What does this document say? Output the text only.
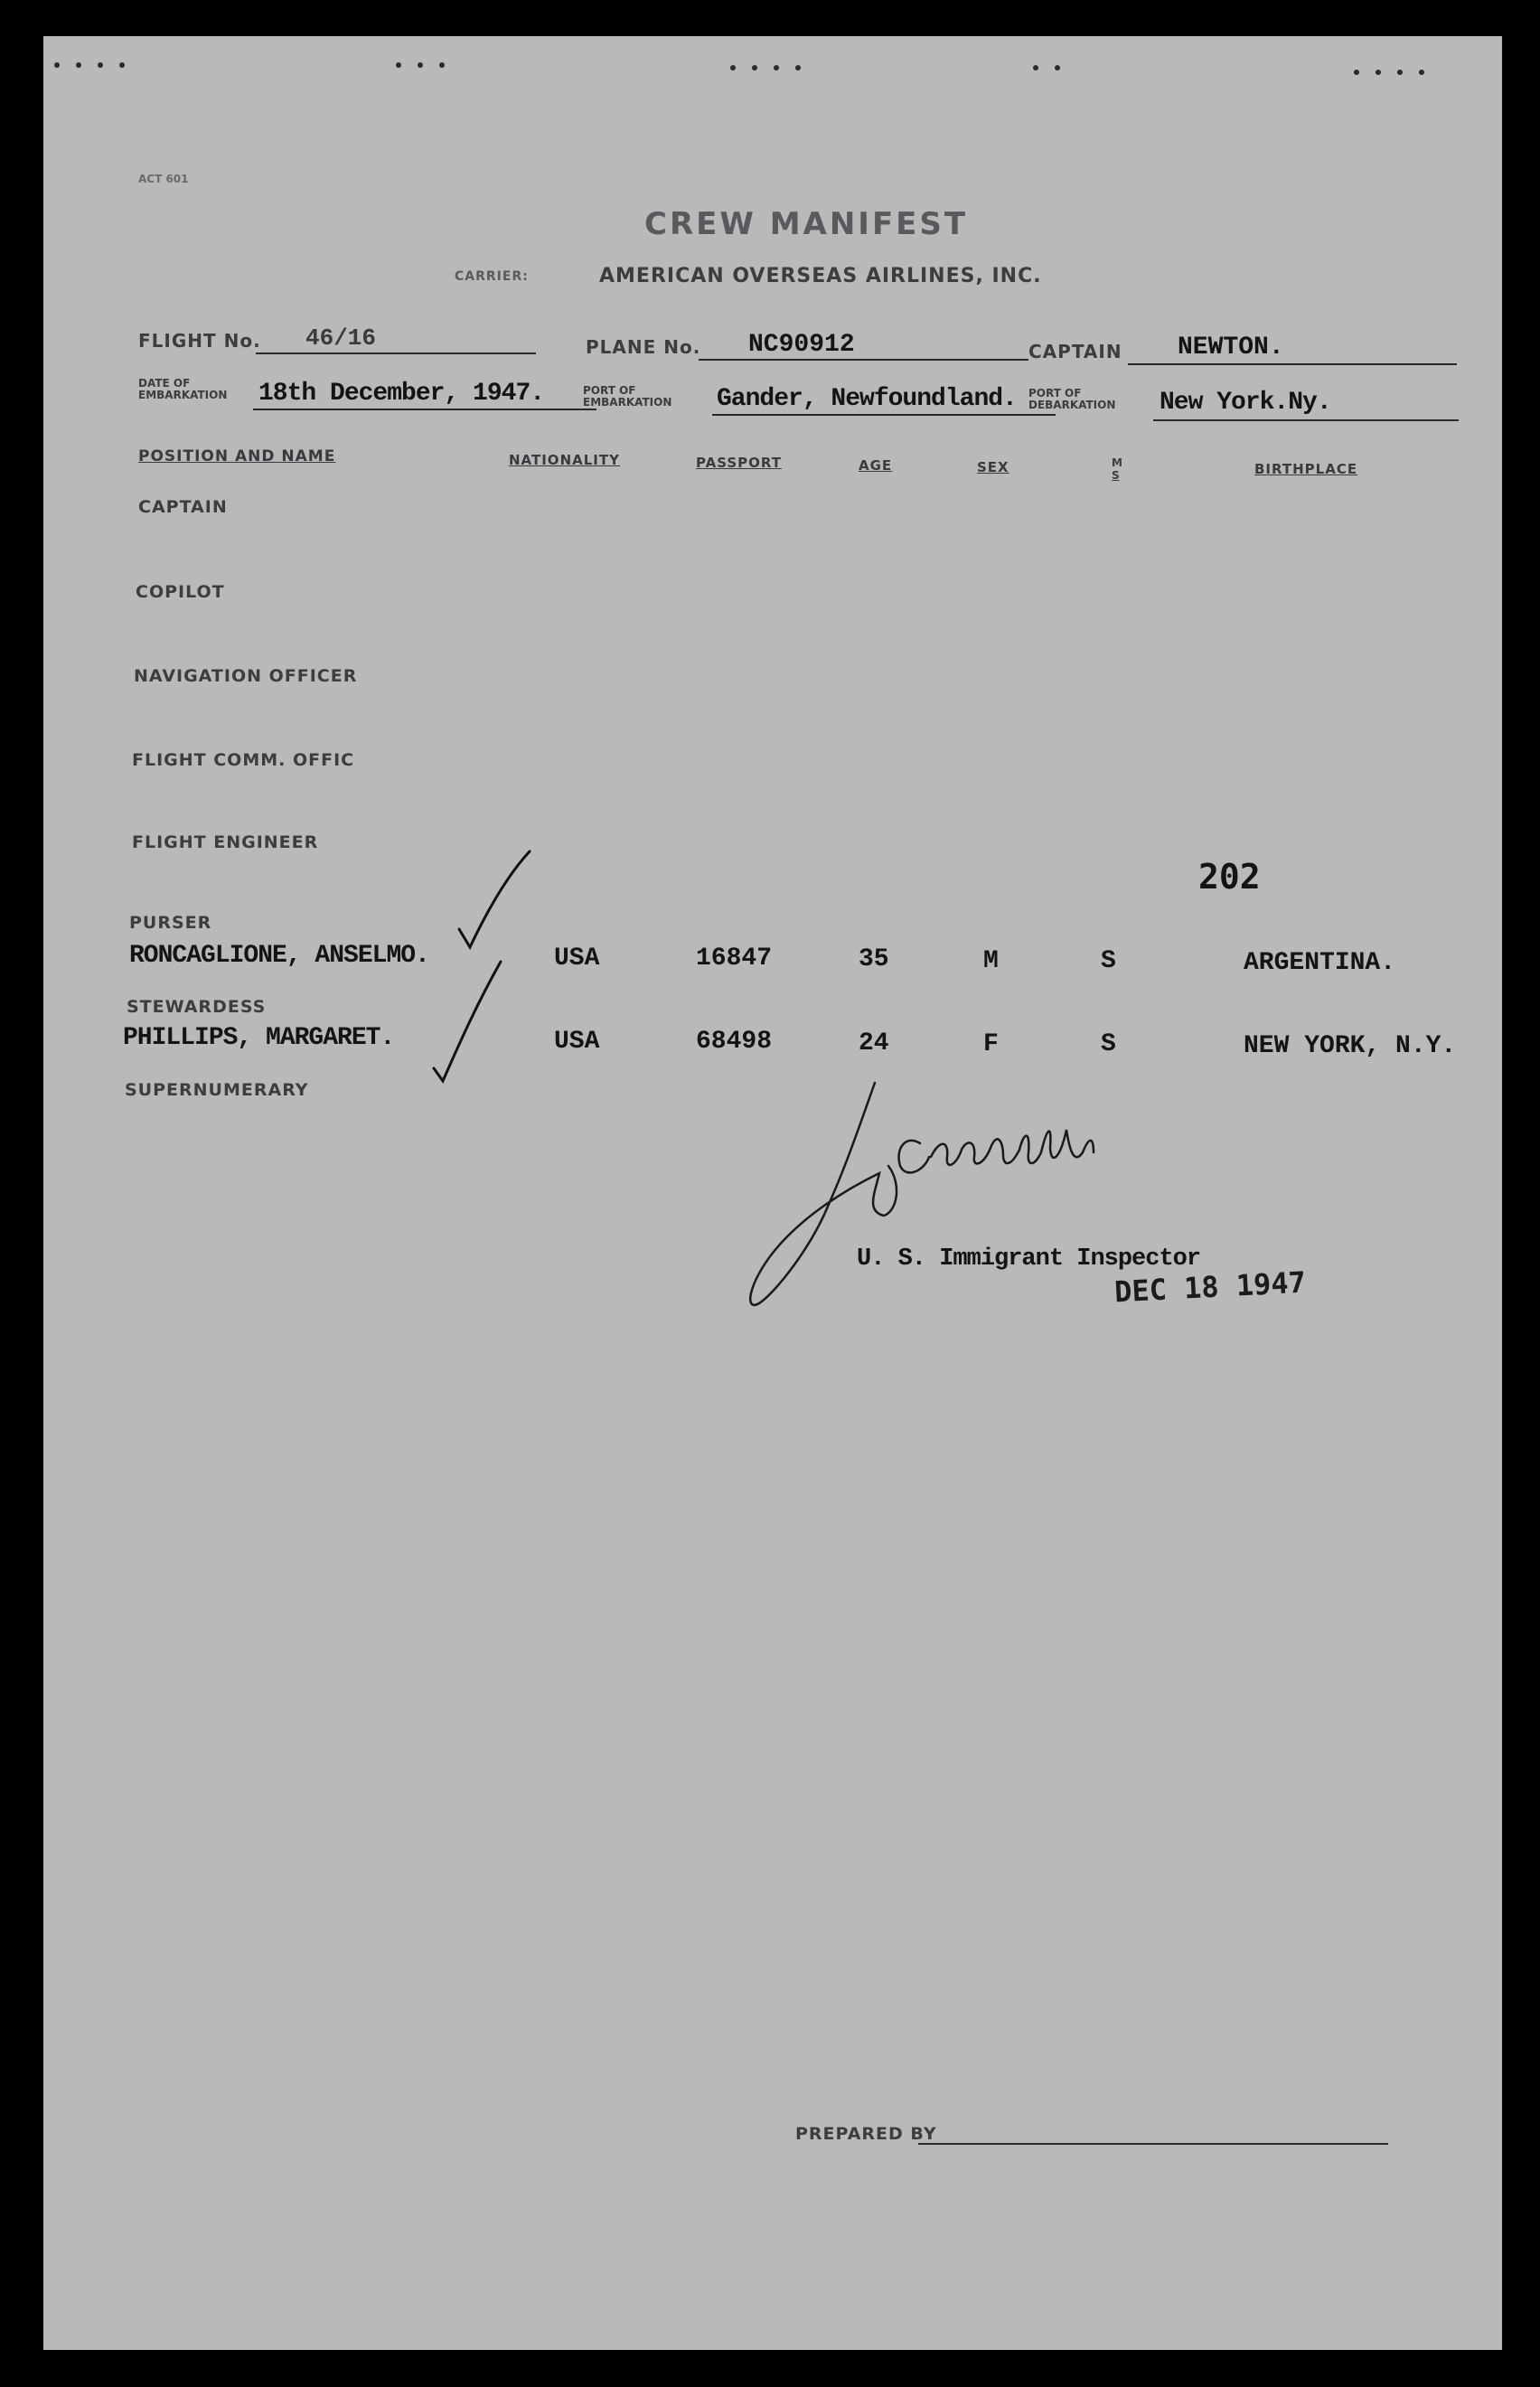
ACT 601
CREW MANIFEST
CARRIER:	AMERICAN OVERSEAS AIRLINES, INC.
FLIGHT No. 46/16	PLANE No. NC90912	CAPTAIN NEWTON.
DATE OF
EMBARKATION 18th December, 1947.	PORT OF
EMBARKATION Gander, Newfoundland. PORT OF
DEBARKATION New York.Ny.
POSITION AND NAME	NATIONALITY	PASSPORT	AGE	SEX	M
S	BIRTHPLACE
CAPTAIN
COPILOT
NAVIGATION OFFICER
FLIGHT COMM. OFFIC
FLIGHT ENGINEER
202
PURSER
RONCAGLIONE, ANSELMO.	USA	16847	35	M	S	ARGENTINA.
STEWARDESS
PHILLIPS, MARGARET.	USA	68498	24	F	S	NEW YORK, N.Y.
SUPERNUMERARY
U. S. Immigrant Inspector
DEC 18 1947
PREPARED BY
